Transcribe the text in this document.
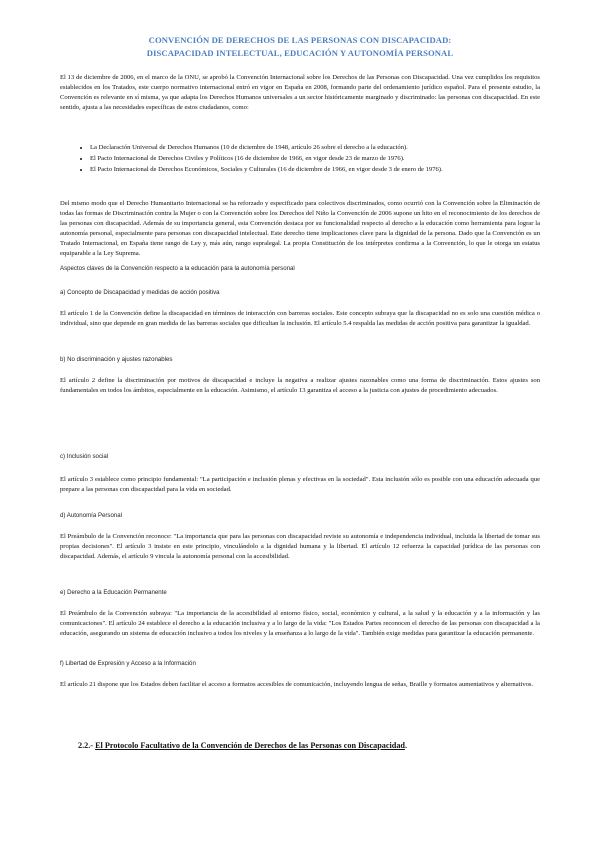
CONVENCIÓN DE DERECHOS DE LAS PERSONAS CON DISCAPACIDAD:
DISCAPACIDAD INTELECTUAL, EDUCACIÓN Y AUTONOMÍA PERSONAL
El 13 de diciembre de 2006, en el marco de la ONU, se aprobó la Convención Internacional sobre los Derechos de las Personas con Discapacidad. Una vez cumplidos los requisitos establecidos en los Tratados, este cuerpo normativo internacional entró en vigor en España en 2008, formando parte del ordenamiento jurídico español. Para el presente estudio, la Convención es relevante en sí misma, ya que adapta los Derechos Humanos universales a un sector históricamente marginado y discriminado: las personas con discapacidad. En este sentido, ajusta a las necesidades específicas de estos ciudadanos, como:
• La Declaración Universal de Derechos Humanos (10 de diciembre de 1948, artículo 26 sobre el derecho a la educación).
• El Pacto Internacional de Derechos Civiles y Políticos (16 de diciembre de 1966, en vigor desde 23 de marzo de 1976).
• El Pacto Internacional de Derechos Económicos, Sociales y Culturales (16 de diciembre de 1966, en vigor desde 3 de enero de 1976).
Del mismo modo que el Derecho Humanitario Internacional se ha reforzado y especificado para colectivos discriminados, como ocurrió con la Convención sobre la Eliminación de todas las formas de Discriminación contra la Mujer o con la Convención sobre los Derechos del Niño la Convención de 2006 supone un hito en el reconocimiento de los derechos de las personas con discapacidad. Además de su importancia general, esta Convención destaca por su funcionalidad respecto al derecho a la educación como herramienta para lograr la autonomía personal, especialmente para personas con discapacidad intelectual. Este derecho tiene implicaciones clave para la dignidad de la persona. Dado que la Convención es un Tratado Internacional, en España tiene rango de Ley y, más aún, rango supralegal. La propia Constitución de los intérpretes confirma a la Convención, lo que le otorga un estatus equiparable a la Ley Suprema.
Aspectos claves de la Convención respecto a la educación para la autonomía personal
a) Concepto de Discapacidad y medidas de acción positiva
El artículo 1 de la Convención define la discapacidad en términos de interacción con barreras sociales. Este concepto subraya que la discapacidad no es solo una cuestión médica o individual, sino que depende en gran medida de las barreras sociales que dificultan la inclusión. El artículo 5.4 respalda las medidas de acción positiva para garantizar la igualdad.
b) No discriminación y ajustes razonables
El artículo 2 define la discriminación por motivos de discapacidad e incluye la negativa a realizar ajustes razonables como una forma de discriminación. Estos ajustes son fundamentales en todos los ámbitos, especialmente en la educación. Asimismo, el artículo 13 garantiza el acceso a la justicia con ajustes de procedimiento adecuados.
c) Inclusión social
El artículo 3 establece como principio fundamental: "La participación e inclusión plenas y efectivas en la sociedad". Esta inclusión sólo es posible con una educación adecuada que prepare a las personas con discapacidad para la vida en sociedad.
d) Autonomía Personal
El Preámbulo de la Convención reconoce: "La importancia que para las personas con discapacidad reviste su autonomía e independencia individual, incluida la libertad de tomar sus propias decisiones". El artículo 3 insiste en este principio, vinculándolo a la dignidad humana y la libertad. El artículo 12 refuerza la capacidad jurídica de las personas con discapacidad. Además, el artículo 9 vincula la autonomía personal con la accesibilidad.
e) Derecho a la Educación Permanente
El Preámbulo de la Convención subraya: "La importancia de la accesibilidad al entorno físico, social, económico y cultural, a la salud y la educación y a la información y las comunicaciones". El artículo 24 establece el derecho a la educación inclusiva y a lo largo de la vida: "Los Estados Partes reconocen el derecho de las personas con discapacidad a la educación, asegurando un sistema de educación inclusivo a todos los niveles y la enseñanza a lo largo de la vida". También exige medidas para garantizar la educación permanente.
f) Libertad de Expresión y Acceso a la Información
El artículo 21 dispone que los Estados deben facilitar el acceso a formatos accesibles de comunicación, incluyendo lengua de señas, Braille y formatos aumentativos y alternativos.
2.2.- El Protocolo Facultativo de la Convención de Derechos de las Personas con Discapacidad.
